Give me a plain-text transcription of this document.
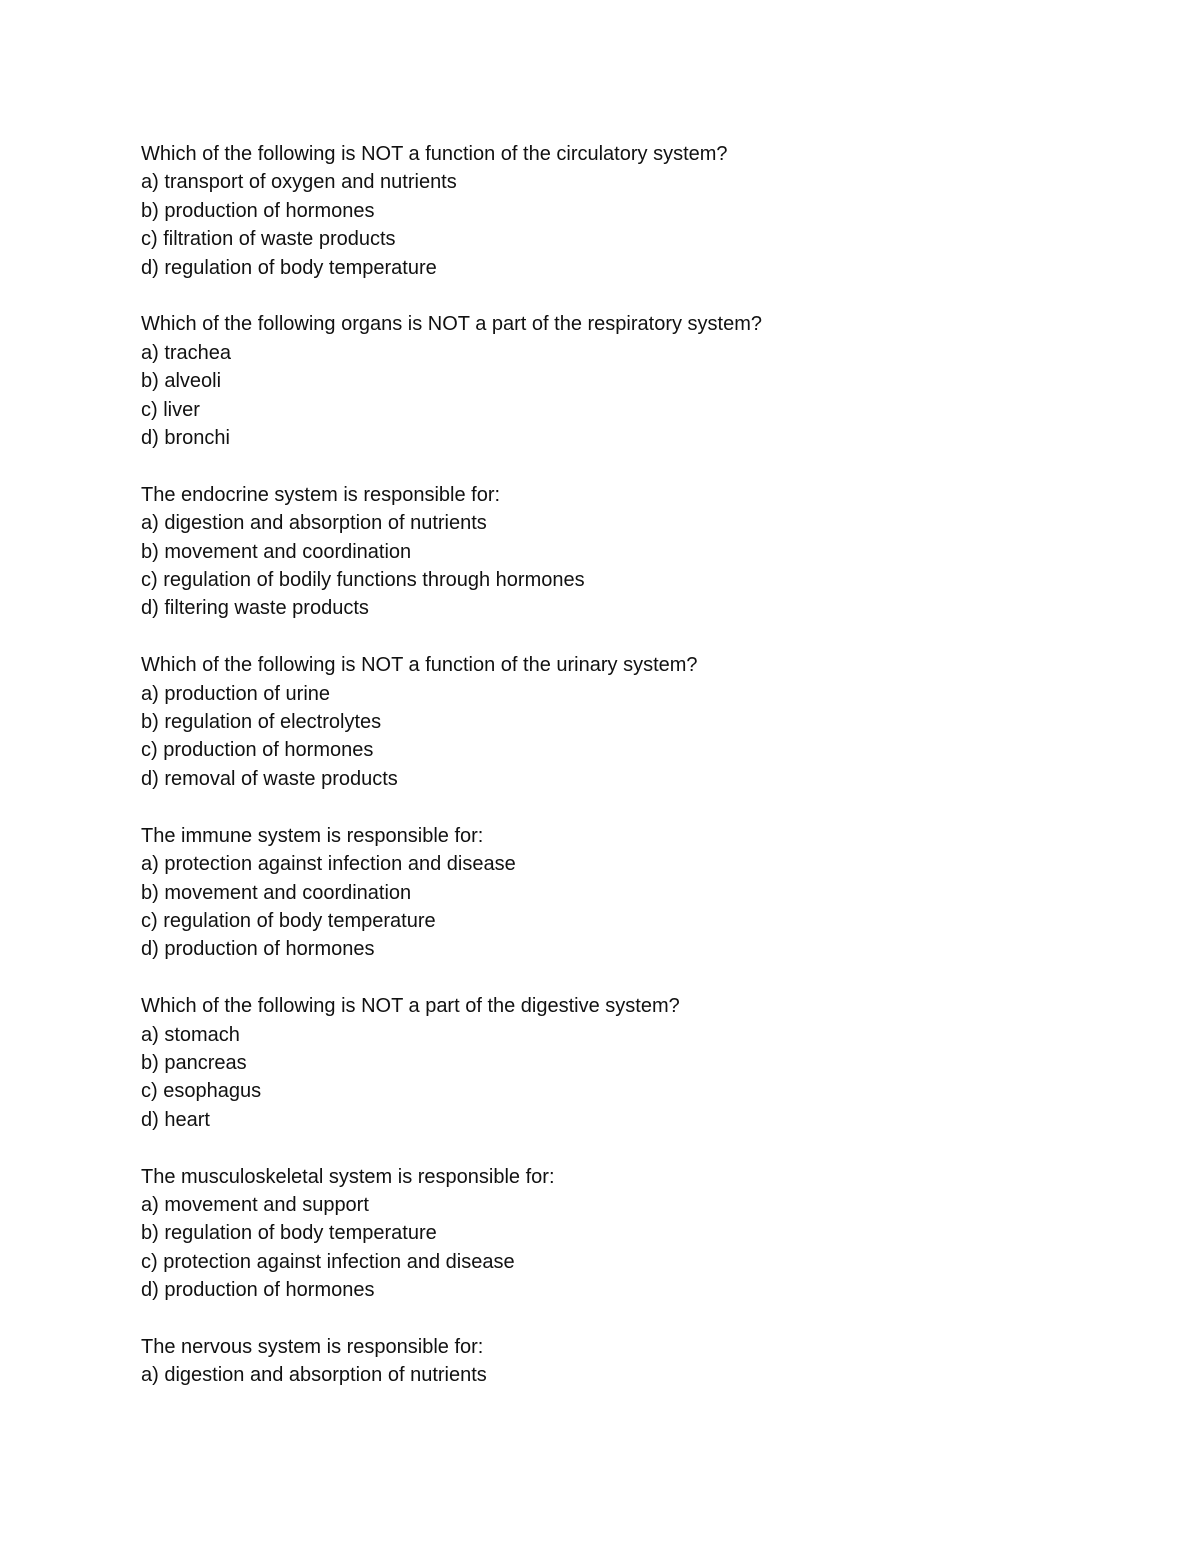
Which of the following is NOT a function of the circulatory system?
a) transport of oxygen and nutrients
b) production of hormones
c) filtration of waste products
d) regulation of body temperature
Which of the following organs is NOT a part of the respiratory system?
a) trachea
b) alveoli
c) liver
d) bronchi
The endocrine system is responsible for:
a) digestion and absorption of nutrients
b) movement and coordination
c) regulation of bodily functions through hormones
d) filtering waste products
Which of the following is NOT a function of the urinary system?
a) production of urine
b) regulation of electrolytes
c) production of hormones
d) removal of waste products
The immune system is responsible for:
a) protection against infection and disease
b) movement and coordination
c) regulation of body temperature
d) production of hormones
Which of the following is NOT a part of the digestive system?
a) stomach
b) pancreas
c) esophagus
d) heart
The musculoskeletal system is responsible for:
a) movement and support
b) regulation of body temperature
c) protection against infection and disease
d) production of hormones
The nervous system is responsible for:
a) digestion and absorption of nutrients
